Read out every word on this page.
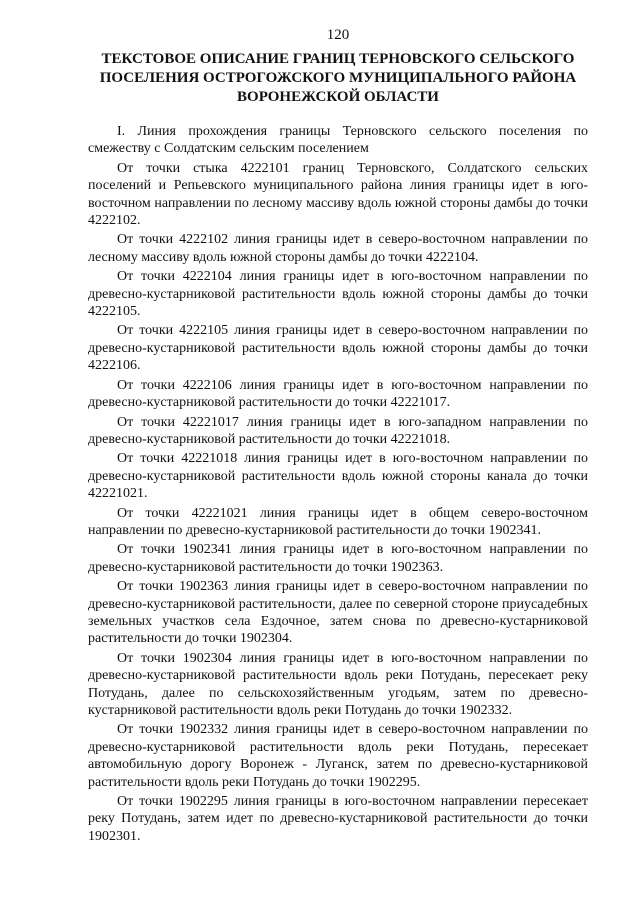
120
ТЕКСТОВОЕ ОПИСАНИЕ ГРАНИЦ ТЕРНОВСКОГО СЕЛЬСКОГО
ПОСЕЛЕНИЯ ОСТРОГОЖСКОГО МУНИЦИПАЛЬНОГО РАЙОНА
ВОРОНЕЖСКОЙ ОБЛАСТИ

I. Линия прохождения границы Терновского сельского поселения по смежеству с Солдатским сельским поселением

От точки стыка 4222101 границ Терновского, Солдатского сельских поселений и Репьевского муниципального района линия границы идет в юго-восточном направлении по лесному массиву вдоль южной стороны дамбы до точки 4222102.

От точки 4222102 линия границы идет в северо-восточном направлении по лесному массиву вдоль южной стороны дамбы до точки 4222104.

От точки 4222104 линия границы идет в юго-восточном направлении по древесно-кустарниковой растительности вдоль южной стороны дамбы до точки 4222105.

От точки 4222105 линия границы идет в северо-восточном направлении по древесно-кустарниковой растительности вдоль южной стороны дамбы до точки 4222106.

От точки 4222106 линия границы идет в юго-восточном направлении по древесно-кустарниковой растительности до точки 42221017.

От точки 42221017 линия границы идет в юго-западном направлении по древесно-кустарниковой растительности до точки 42221018.

От точки 42221018 линия границы идет в юго-восточном направлении по древесно-кустарниковой растительности вдоль южной стороны канала до точки 42221021.

От точки 42221021 линия границы идет в общем северо-восточном направлении по древесно-кустарниковой растительности до точки 1902341.

От точки 1902341 линия границы идет в юго-восточном направлении по древесно-кустарниковой растительности до точки 1902363.

От точки 1902363 линия границы идет в северо-восточном направлении по древесно-кустарниковой растительности, далее по северной стороне приусадебных земельных участков села Ездочное, затем снова по древесно-кустарниковой растительности до точки 1902304.

От точки 1902304 линия границы идет в юго-восточном направлении по древесно-кустарниковой растительности вдоль реки Потудань, пересекает реку Потудань, далее по сельскохозяйственным угодьям, затем по древесно-кустарниковой растительности вдоль реки Потудань до точки 1902332.

От точки 1902332 линия границы идет в северо-восточном направлении по древесно-кустарниковой растительности вдоль реки Потудань, пересекает автомобильную дорогу Воронеж - Луганск, затем по древесно-кустарниковой растительности вдоль реки Потудань до точки 1902295.

От точки 1902295 линия границы в юго-восточном направлении пересекает реку Потудань, затем идет по древесно-кустарниковой растительности до точки 1902301.
